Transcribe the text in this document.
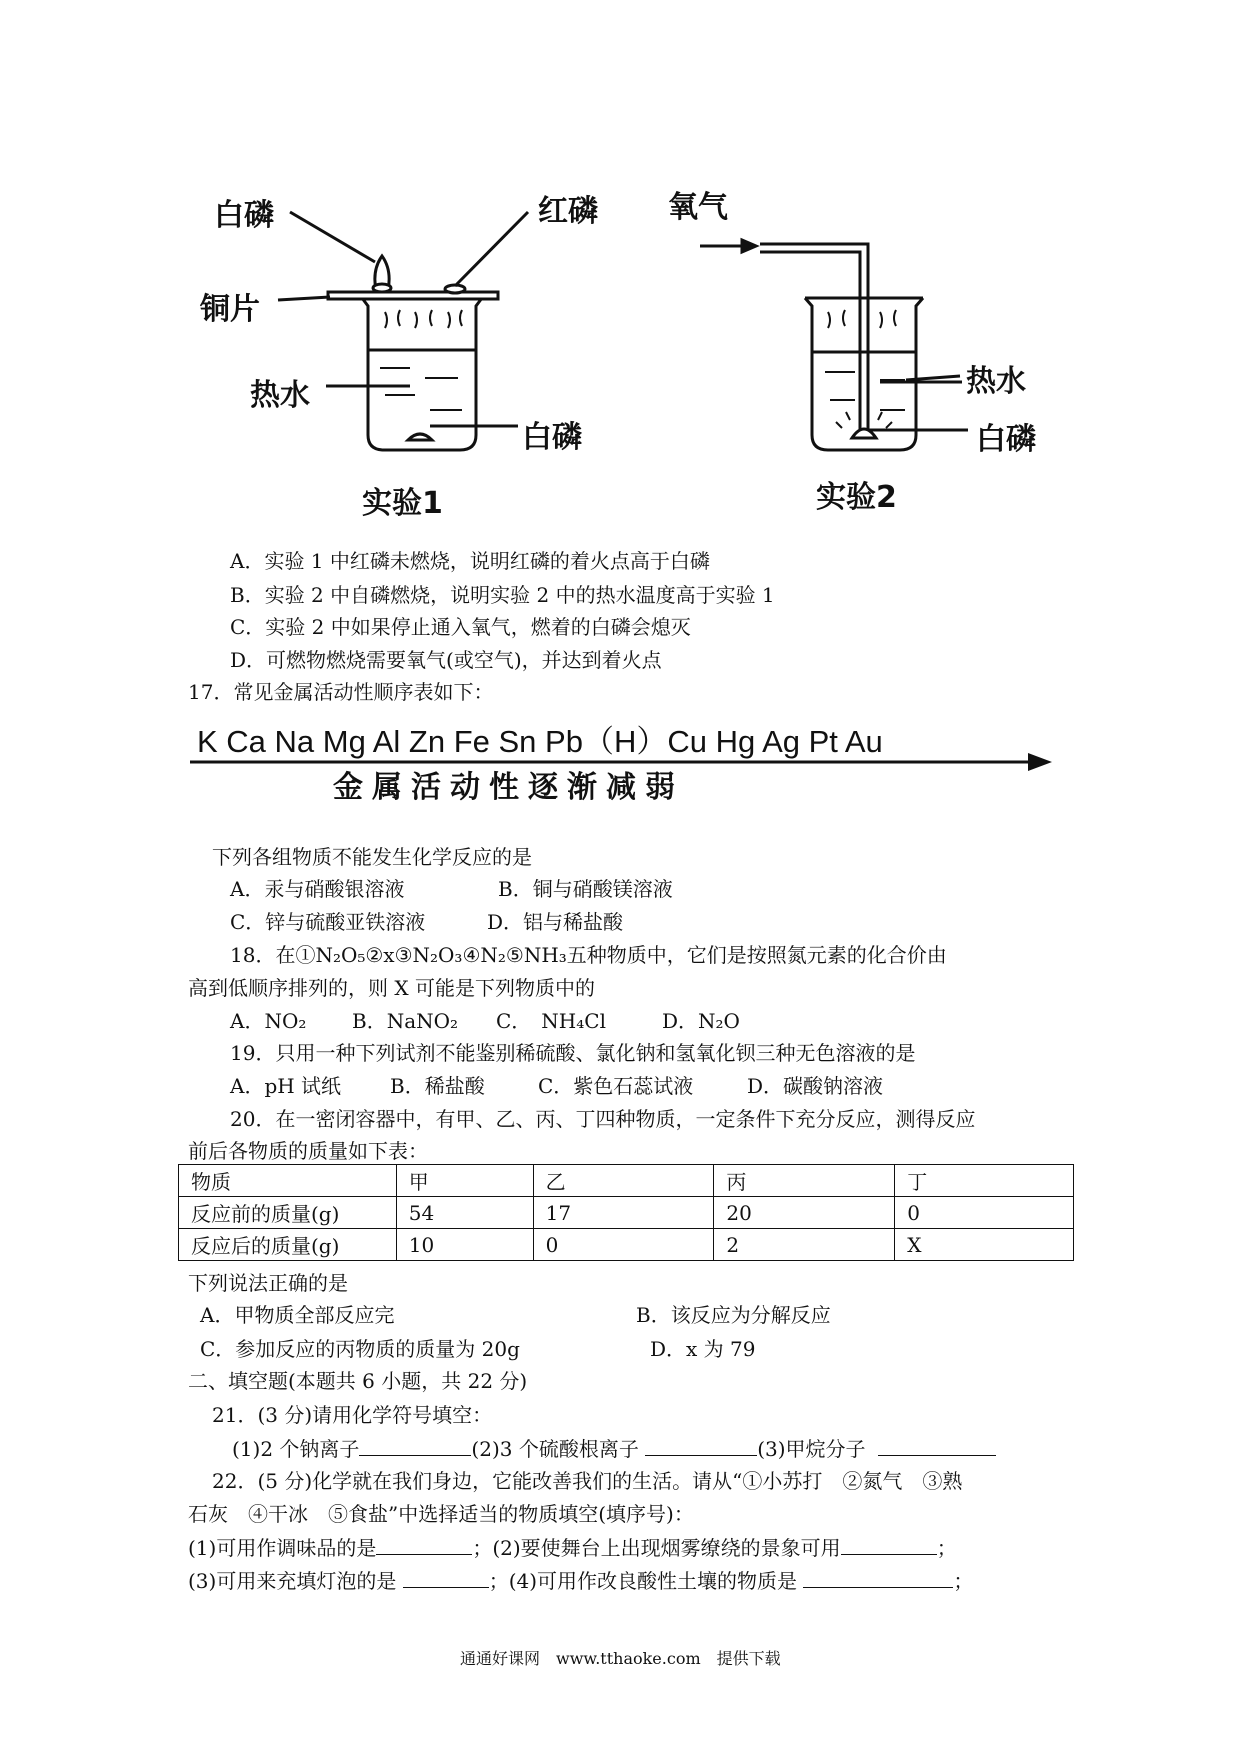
白磷	红磷
铜片
热水
白磷
实验1
氧气
热水
白磷
实验2
A．实验 1 中红磷未燃烧，说明红磷的着火点高于白磷
B．实验 2 中自磷燃烧，说明实验 2 中的热水温度高于实验 1
C．实验 2 中如果停止通入氧气，燃着的白磷会熄灭
D．可燃物燃烧需要氧气(或空气)，并达到着火点
17．常见金属活动性顺序表如下：
K Ca Na Mg Al Zn Fe Sn Pb（H）Cu Hg Ag Pt Au
金属活动性逐渐减弱
下列各组物质不能发生化学反应的是
A．汞与硝酸银溶液	B．铜与硝酸镁溶液
C．锌与硫酸亚铁溶液	D．铝与稀盐酸
18．在①N₂O₅②x③N₂O₃④N₂⑤NH₃五种物质中，它们是按照氮元素的化合价由
高到低顺序排列的，则 X 可能是下列物质中的
A．NO₂ B．NaNO₂ C．　NH₄Cl	D．N₂O
19．只用一种下列试剂不能鉴别稀硫酸、氯化钠和氢氧化钡三种无色溶液的是
A．pH 试纸 B．稀盐酸	C．紫色石蕊试液	D．碳酸钠溶液
20．在一密闭容器中，有甲、乙、丙、丁四种物质，一定条件下充分反应，测得反应
前后各物质的质量如下表：
物质	甲	乙	丙	丁
反应前的质量(g)	54	17	20	0
反应后的质量(g)	10	0	2	X
下列说法正确的是
A．甲物质全部反应完	B．该反应为分解反应
C．参加反应的丙物质的质量为 20g	D．x 为 79
二、填空题(本题共 6 小题，共 22 分)
21．(3 分)请用化学符号填空：
(1)2 个钠离子	(2)3 个硫酸根离子	(3)甲烷分子
22．(5 分)化学就在我们身边，它能改善我们的生活。请从“①小苏打　②氮气　③熟
石灰　④干冰　⑤食盐”中选择适当的物质填空(填序号)：
(1)可用作调味品的是	；(2)要使舞台上出现烟雾缭绕的景象可用	；
(3)可用来充填灯泡的是	；(4)可用作改良酸性土壤的物质是	；
通通好课网　www.tthaoke.com　提供下载
